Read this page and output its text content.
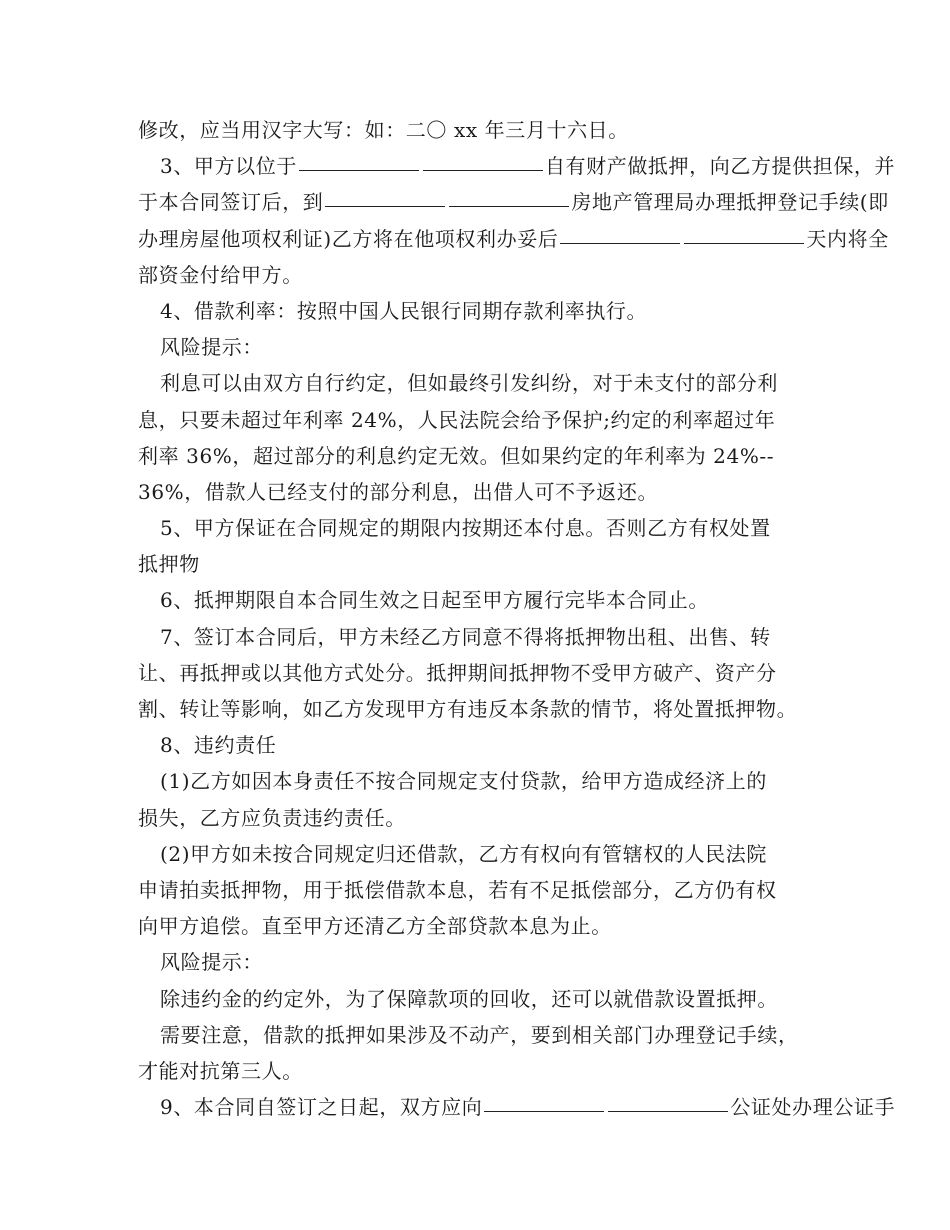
修改，应当用汉字大写：如：二〇 xx 年三月十六日。
3、甲方以位于	自有财产做抵押，向乙方提供担保，并
于本合同签订后，到	房地产管理局办理抵押登记手续(即
办理房屋他项权利证)乙方将在他项权利办妥后	天内将全
部资金付给甲方。
4、借款利率：按照中国人民银行同期存款利率执行。
风险提示：
利息可以由双方自行约定，但如最终引发纠纷，对于未支付的部分利
息，只要未超过年利率 24%，人民法院会给予保护;约定的利率超过年
利率 36%，超过部分的利息约定无效。但如果约定的年利率为 24%--
36%，借款人已经支付的部分利息，出借人可不予返还。
5、甲方保证在合同规定的期限内按期还本付息。否则乙方有权处置
抵押物
6、抵押期限自本合同生效之日起至甲方履行完毕本合同止。
7、签订本合同后，甲方未经乙方同意不得将抵押物出租、出售、转
让、再抵押或以其他方式处分。抵押期间抵押物不受甲方破产、资产分
割、转让等影响，如乙方发现甲方有违反本条款的情节，将处置抵押物。
8、违约责任
(1)乙方如因本身责任不按合同规定支付贷款，给甲方造成经济上的
损失，乙方应负责违约责任。
(2)甲方如未按合同规定归还借款，乙方有权向有管辖权的人民法院
申请拍卖抵押物，用于抵偿借款本息，若有不足抵偿部分，乙方仍有权
向甲方追偿。直至甲方还清乙方全部贷款本息为止。
风险提示：
除违约金的约定外，为了保障款项的回收，还可以就借款设置抵押。
需要注意，借款的抵押如果涉及不动产，要到相关部门办理登记手续，
才能对抗第三人。
9、本合同自签订之日起，双方应向	公证处办理公证手
